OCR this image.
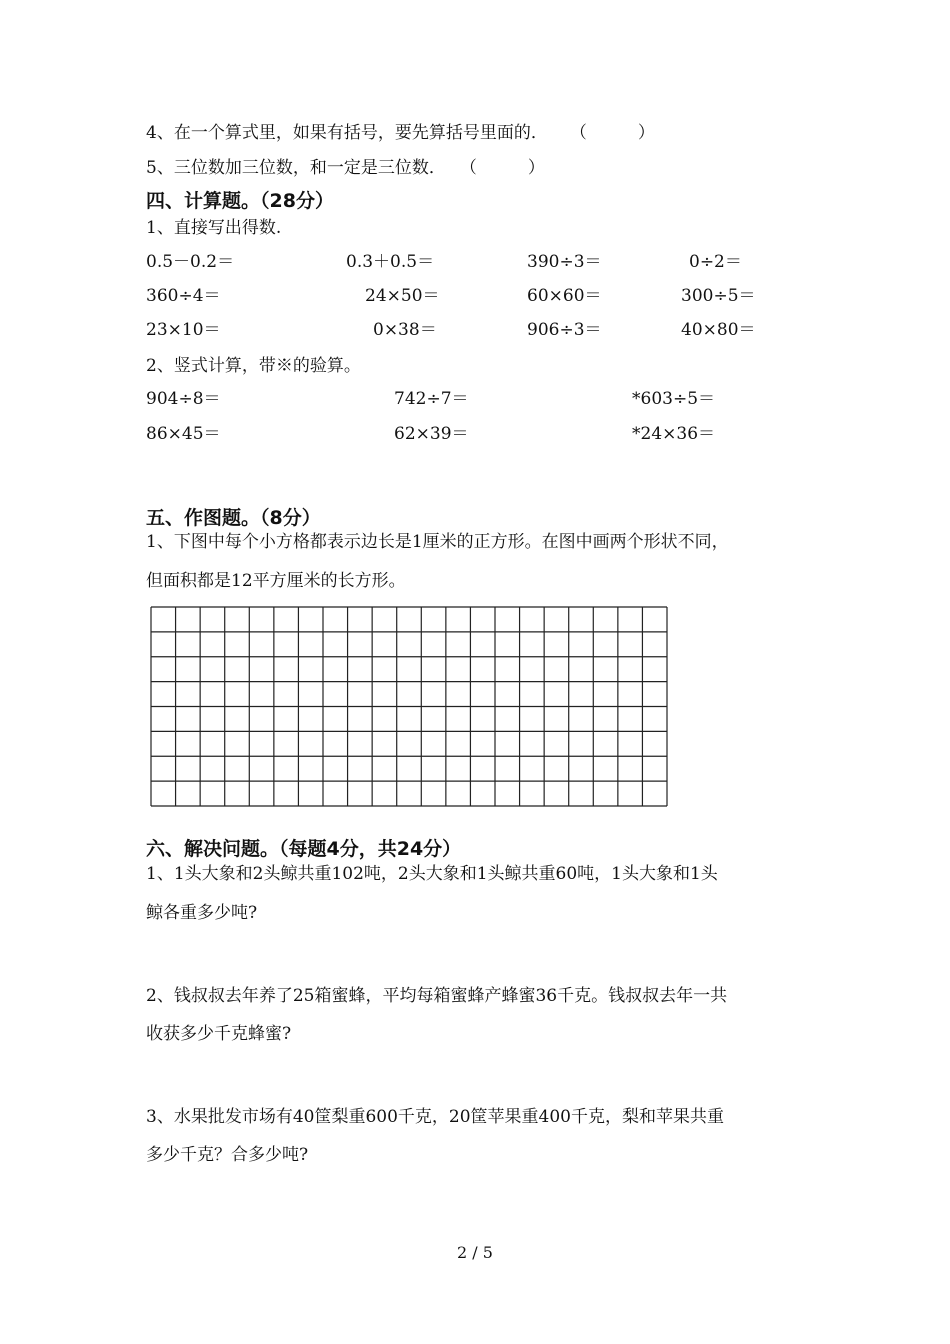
4、在一个算式里，如果有括号，要先算括号里面的． （　　　）
5、三位数加三位数，和一定是三位数． （　　　）
四、计算题。（28分）
1、直接写出得数.
0.5－0.2＝	0.3＋0.5＝	390÷3＝	0÷2＝
360÷4＝	24×50＝	60×60＝	300÷5＝
23×10＝	0×38＝	906÷3＝	40×80＝
2、竖式计算，带※的验算。
904÷8＝	742÷7＝	*603÷5＝
86×45＝	62×39＝	*24×36＝
五、作图题。（8分）
1、下图中每个小方格都表示边长是1厘米的正方形。在图中画两个形状不同，
但面积都是12平方厘米的长方形。
六、解决问题。（每题4分，共24分）
1、1头大象和2头鲸共重102吨，2头大象和1头鲸共重60吨，1头大象和1头
鲸各重多少吨?
2、钱叔叔去年养了25箱蜜蜂，平均每箱蜜蜂产蜂蜜36千克。钱叔叔去年一共
收获多少千克蜂蜜?
3、水果批发市场有40筐梨重600千克，20筐苹果重400千克，梨和苹果共重
多少千克？合多少吨?
2 / 5
